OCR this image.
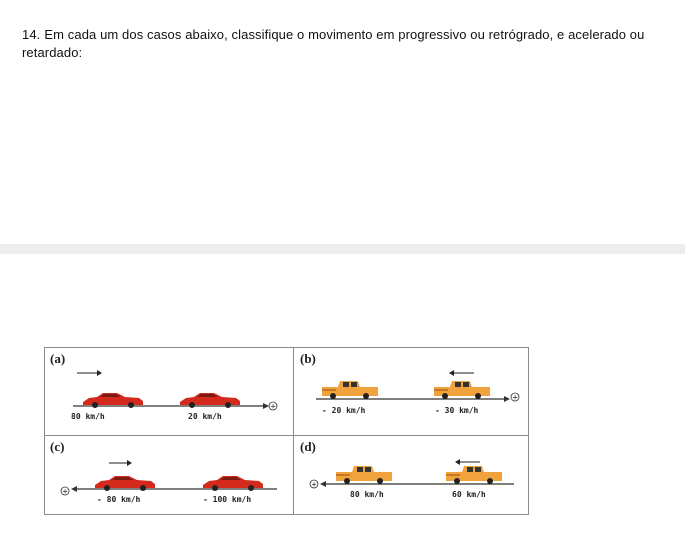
14. Em cada um dos casos abaixo, classifique o movimento em progressivo ou retrógrado, e acelerado ou retardado:
(a)
+
80 km/h	20 km/h
(b)
+
- 20 km/h	- 30 km/h
(c)
+
- 80 km/h	- 100 km/h
(d)
+
80 km/h	60 km/h
